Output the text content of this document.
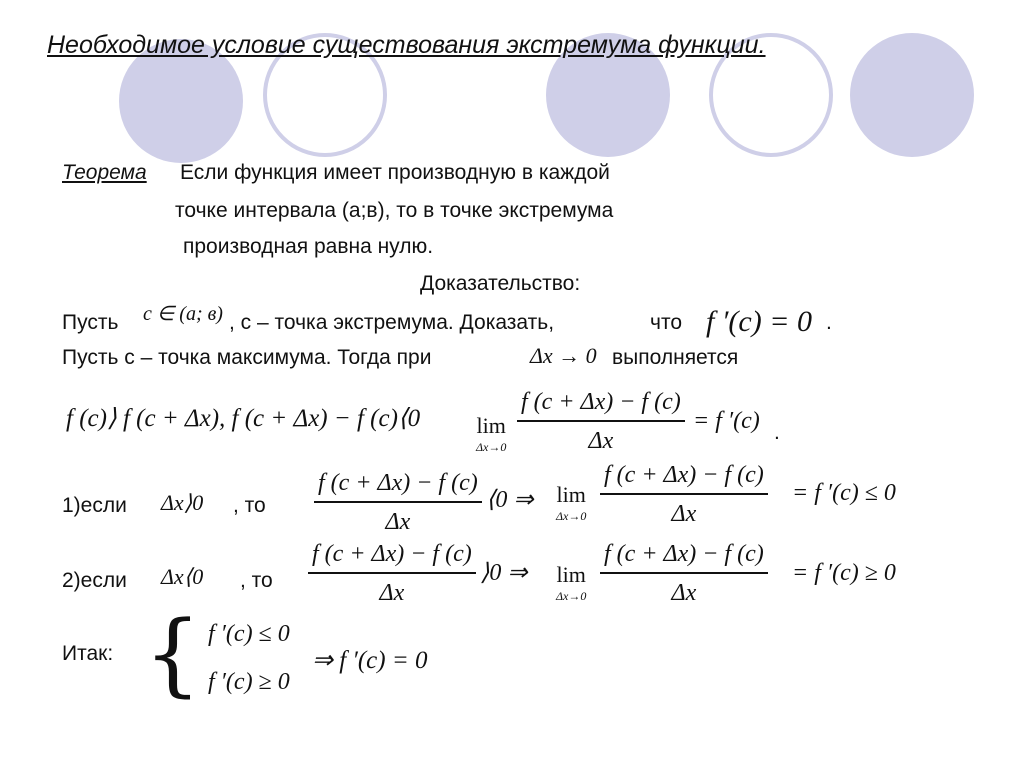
Необходимое условие существования экстремума функции.
Теорема Если функция имеет производную в каждой
точке интервала (а;в), то в точке экстремума
производная равна нулю.
Доказательство:
Пусть c ∈ (a; в) , с – точка экстремума. Доказать,	что f ′(c) = 0 .
Пусть с – точка максимума. Тогда при	Δx → 0 выполняется
f (c)⟩ f (c + Δx), f (c + Δx) − f (c)⟨0	lim
Δx→0
f (c + Δx) − f (c)
Δx
= f ′(c) .
1)если Δx⟩0 , то
f (c + Δx) − f (c)
Δx
⟨0 ⇒ lim
Δx→0
f (c + Δx) − f (c)
Δx
= f ′(c) ≤ 0
2)если Δx⟨0 , то
f (c + Δx) − f (c)
Δx
⟩0 ⇒ lim
Δx→0
f (c + Δx) − f (c)
Δx
= f ′(c) ≥ 0
Итак: { f ′(c) ≤ 0
f ′(c) ≥ 0
⇒ f ′(c) = 0
